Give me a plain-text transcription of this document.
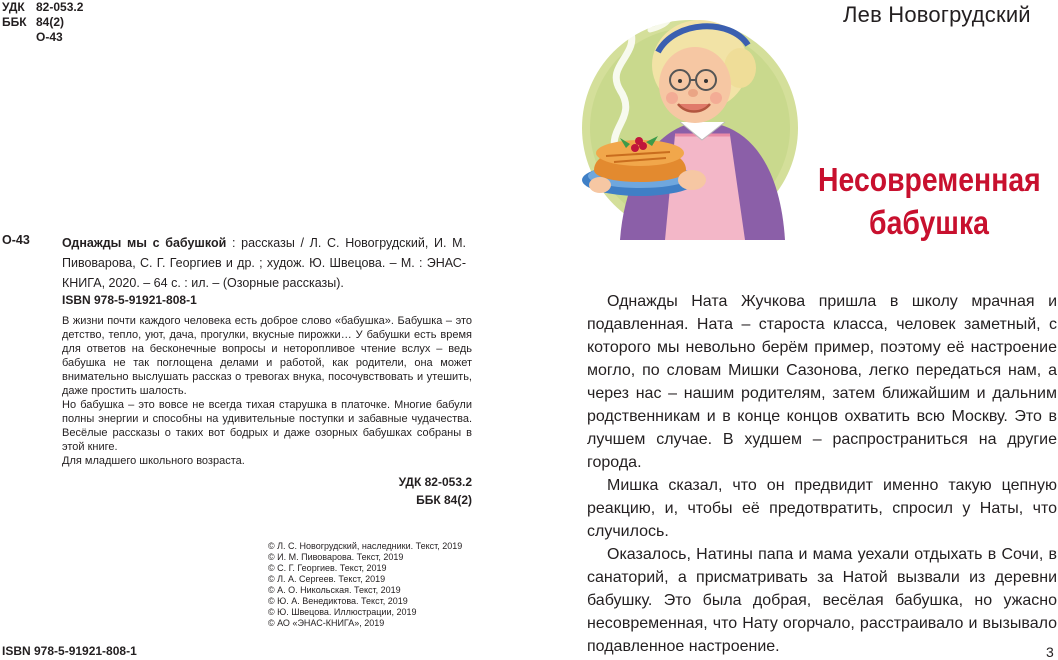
УДК 82-053.2
ББК 84(2)
О-43
О-43	Однажды мы с бабушкой : рассказы / Л. С. Новогрудский, И. М. Пивоварова, С. Г. Георгиев и др. ; худож. Ю. Швецова. – М. : ЭНАС-КНИГА, 2020. – 64 с. : ил. – (Озорные рассказы).
ISBN 978-5-91921-808-1

В жизни почти каждого человека есть доброе слово «бабушка». Бабушка – это детство, тепло, уют, дача, прогулки, вкусные пирожки… У бабушки есть время для ответов на бесконечные вопросы и неторопливое чтение вслух – ведь бабушка не так поглощена делами и работой, как родители, она может внимательно выслушать рассказ о тревогах внука, посочувствовать и утешить, даже простить шалость.

Но бабушка – это вовсе не всегда тихая старушка в платочке. Многие бабули полны энергии и способны на удивительные поступки и забавные чудачества. Весёлые рассказы о таких вот бодрых и даже озорных бабушках собраны в этой книге.

Для младшего школьного возраста.

УДК 82-053.2
ББК 84(2)
© Л. С. Новогрудский, наследники. Текст, 2019
© И. М. Пивоварова. Текст, 2019
© С. Г. Георгиев. Текст, 2019
© Л. А. Сергеев. Текст, 2019
© А. О. Никольская. Текст, 2019
© Ю. А. Венедиктова. Текст, 2019
© Ю. Швецова. Иллюстрации, 2019
© АО «ЭНАС-КНИГА», 2019
ISBN 978-5-91921-808-1
Лев Новогрудский
Несовременная
бабушка

Однажды Ната Жучкова пришла в школу мрачная и подавленная. Ната – староста класса, человек заметный, с которого мы невольно берём пример, поэтому её настроение могло, по словам Мишки Сазонова, легко передаться нам, а через нас – нашим родителям, затем ближайшим и дальним родственникам и в конце концов охватить всю Москву. Это в лучшем случае. В худшем – распространиться на другие города.

Мишка сказал, что он предвидит именно такую цепную реакцию, и, чтобы её предотвратить, спросил у Наты, что случилось.

Оказалось, Натины папа и мама уехали отдыхать в Сочи, в санаторий, а присматривать за Натой вызвали из деревни бабушку. Это была добрая, весёлая бабушка, но ужасно несовременная, что Нату огорчало, расстраивало и вызывало подавленное настроение.	3
